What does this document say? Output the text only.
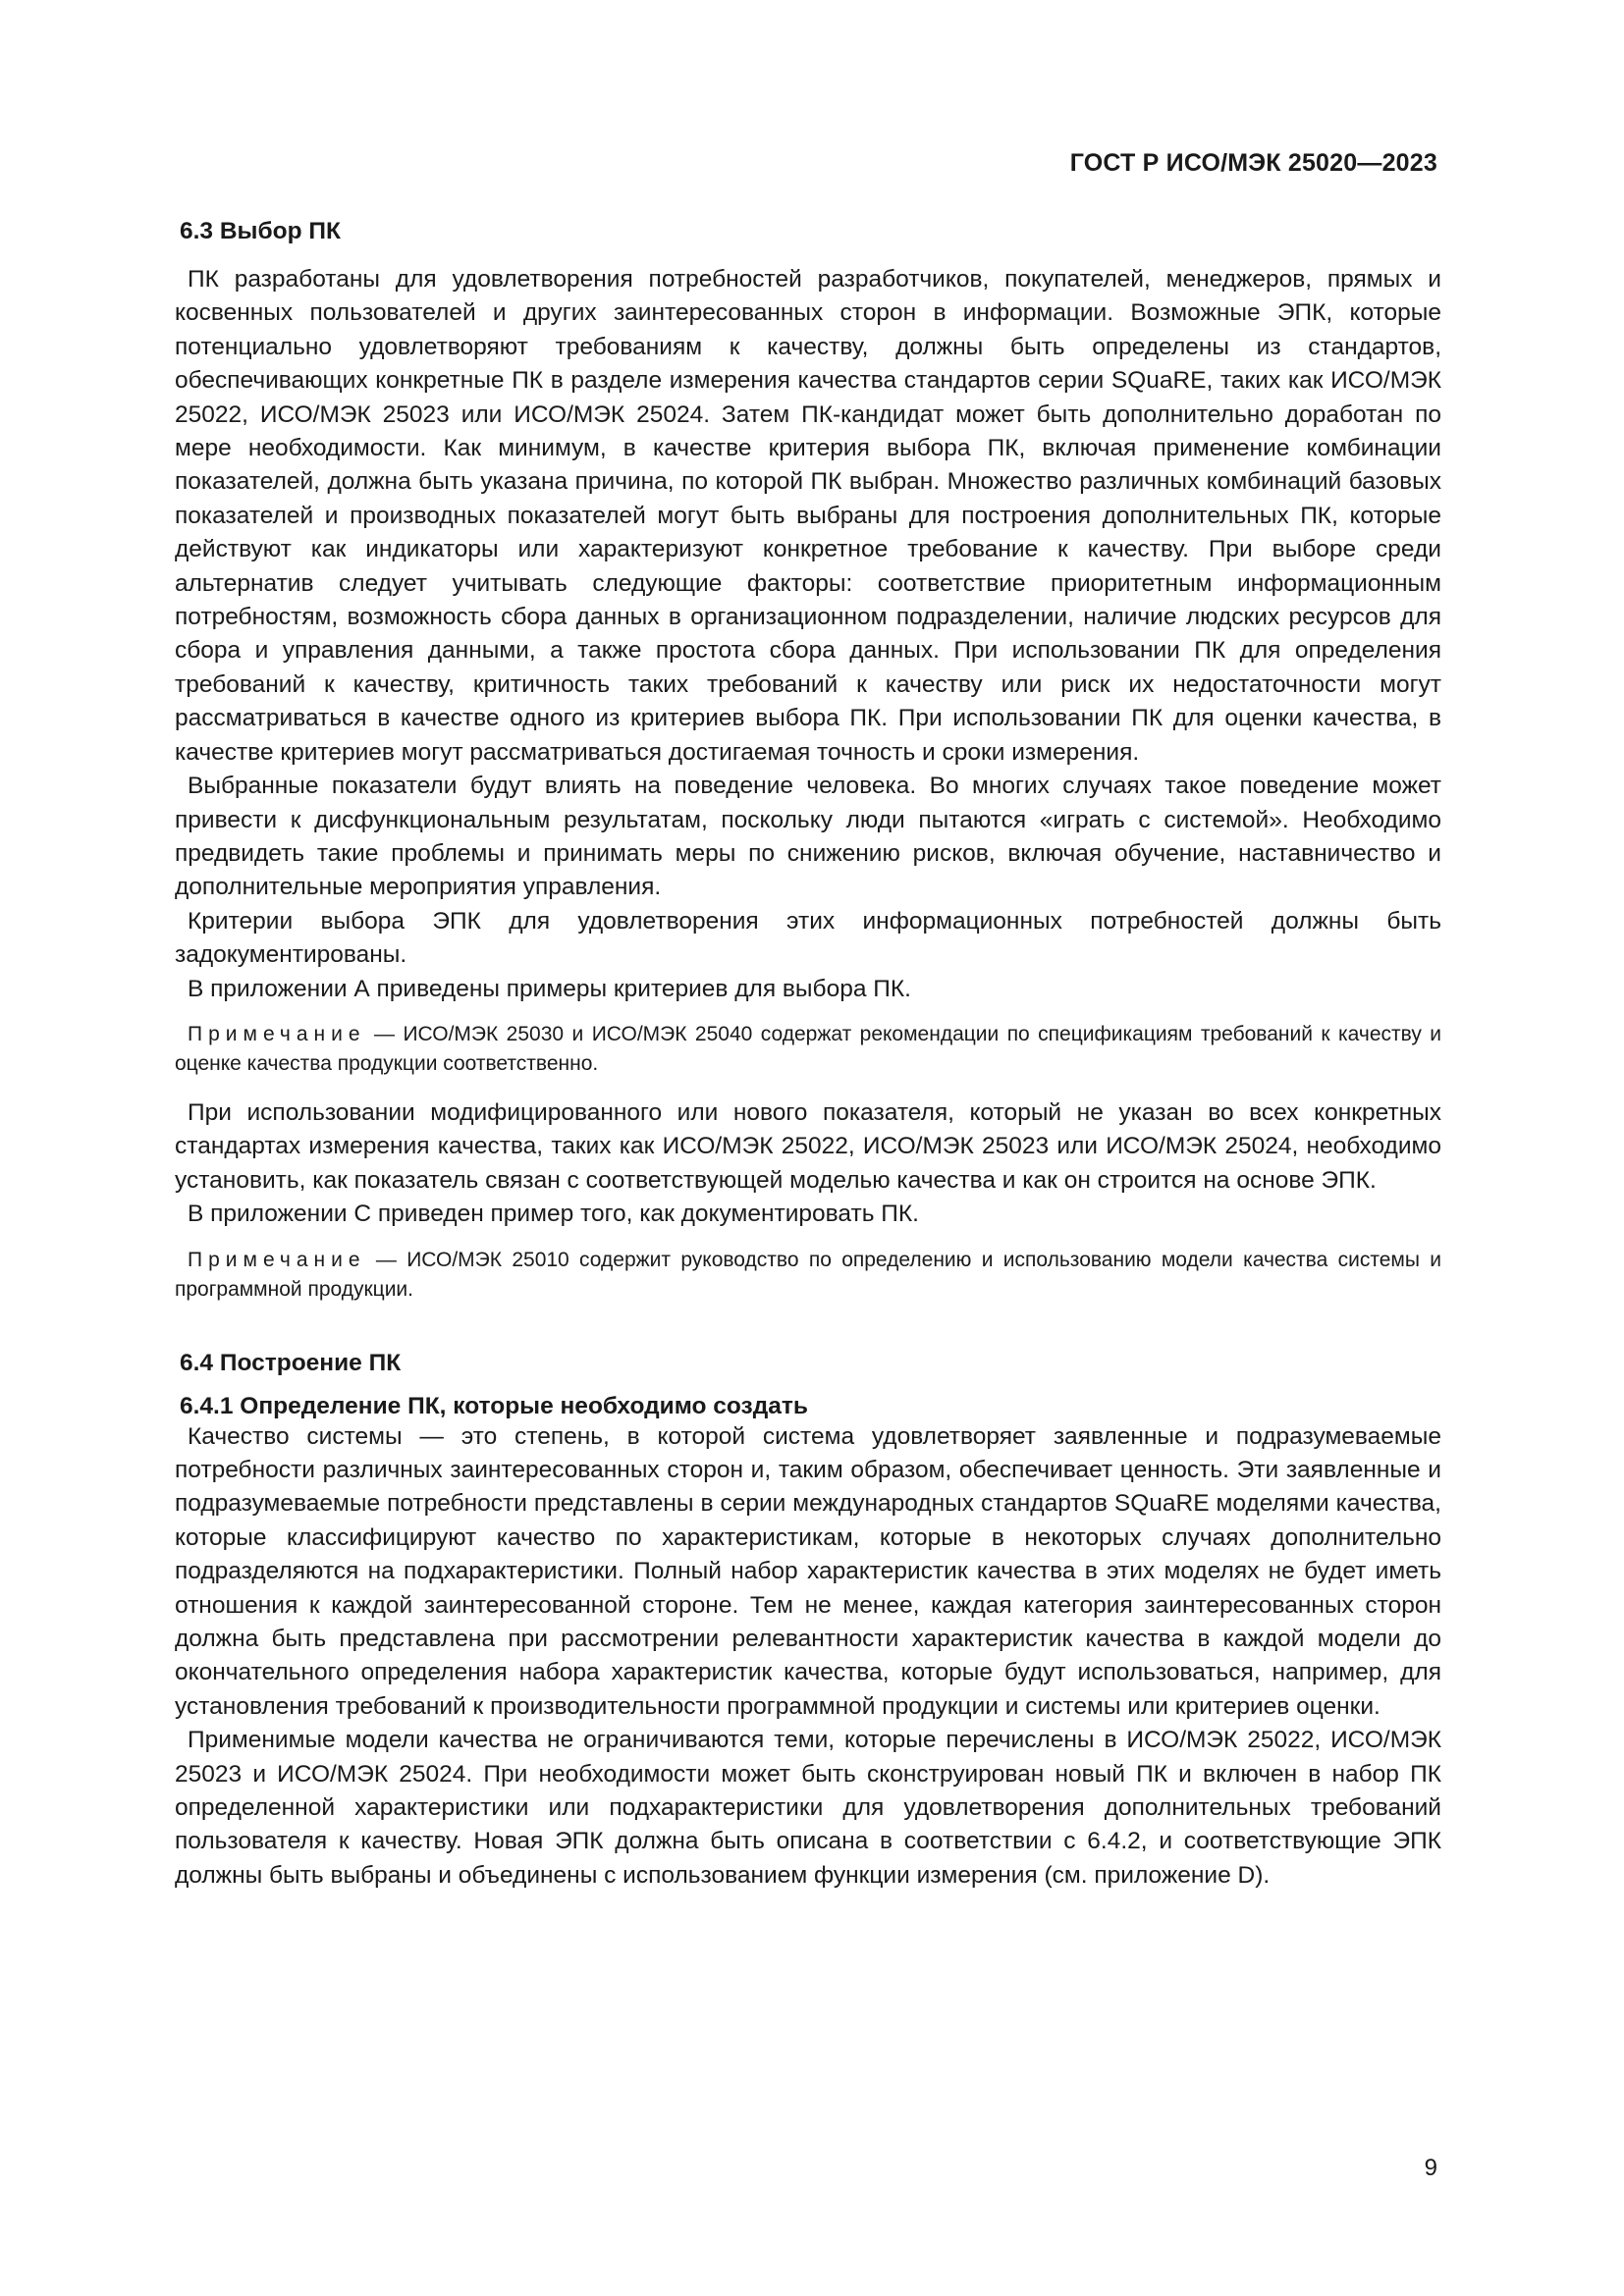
ГОСТ Р ИСО/МЭК 25020—2023
6.3 Выбор ПК

ПК разработаны для удовлетворения потребностей разработчиков, покупателей, менеджеров, прямых и косвенных пользователей и других заинтересованных сторон в информации. Возможные ЭПК, которые потенциально удовлетворяют требованиям к качеству, должны быть определены из стандартов, обеспечивающих конкретные ПК в разделе измерения качества стандартов серии SQuaRE, таких как ИСО/МЭК 25022, ИСО/МЭК 25023 или ИСО/МЭК 25024. Затем ПК-кандидат может быть дополнительно доработан по мере необходимости. Как минимум, в качестве критерия выбора ПК, включая применение комбинации показателей, должна быть указана причина, по которой ПК выбран. Множество различных комбинаций базовых показателей и производных показателей могут быть выбраны для построения дополнительных ПК, которые действуют как индикаторы или характеризуют конкретное требование к качеству. При выборе среди альтернатив следует учитывать следующие факторы: соответствие приоритетным информационным потребностям, возможность сбора данных в организационном подразделении, наличие людских ресурсов для сбора и управления данными, а также простота сбора данных. При использовании ПК для определения требований к качеству, критичность таких требований к качеству или риск их недостаточности могут рассматриваться в качестве одного из критериев выбора ПК. При использовании ПК для оценки качества, в качестве критериев могут рассматриваться достигаемая точность и сроки измерения.

Выбранные показатели будут влиять на поведение человека. Во многих случаях такое поведение может привести к дисфункциональным результатам, поскольку люди пытаются «играть с системой». Необходимо предвидеть такие проблемы и принимать меры по снижению рисков, включая обучение, наставничество и дополнительные мероприятия управления.

Критерии выбора ЭПК для удовлетворения этих информационных потребностей должны быть задокументированы.

В приложении А приведены примеры критериев для выбора ПК.

Примечание — ИСО/МЭК 25030 и ИСО/МЭК 25040 содержат рекомендации по спецификациям требований к качеству и оценке качества продукции соответственно.

При использовании модифицированного или нового показателя, который не указан во всех конкретных стандартах измерения качества, таких как ИСО/МЭК 25022, ИСО/МЭК 25023 или ИСО/МЭК 25024, необходимо установить, как показатель связан с соответствующей моделью качества и как он строится на основе ЭПК.

В приложении С приведен пример того, как документировать ПК.

Примечание — ИСО/МЭК 25010 содержит руководство по определению и использованию модели качества системы и программной продукции.

6.4 Построение ПК
6.4.1 Определение ПК, которые необходимо создать

Качество системы — это степень, в которой система удовлетворяет заявленные и подразумеваемые потребности различных заинтересованных сторон и, таким образом, обеспечивает ценность. Эти заявленные и подразумеваемые потребности представлены в серии международных стандартов SQuaRE моделями качества, которые классифицируют качество по характеристикам, которые в некоторых случаях дополнительно подразделяются на подхарактеристики. Полный набор характеристик качества в этих моделях не будет иметь отношения к каждой заинтересованной стороне. Тем не менее, каждая категория заинтересованных сторон должна быть представлена при рассмотрении релевантности характеристик качества в каждой модели до окончательного определения набора характеристик качества, которые будут использоваться, например, для установления требований к производительности программной продукции и системы или критериев оценки.

Применимые модели качества не ограничиваются теми, которые перечислены в ИСО/МЭК 25022, ИСО/МЭК 25023 и ИСО/МЭК 25024. При необходимости может быть сконструирован новый ПК и включен в набор ПК определенной характеристики или подхарактеристики для удовлетворения дополнительных требований пользователя к качеству. Новая ЭПК должна быть описана в соответствии с 6.4.2, и соответствующие ЭПК должны быть выбраны и объединены с использованием функции измерения (см. приложение D).

9
